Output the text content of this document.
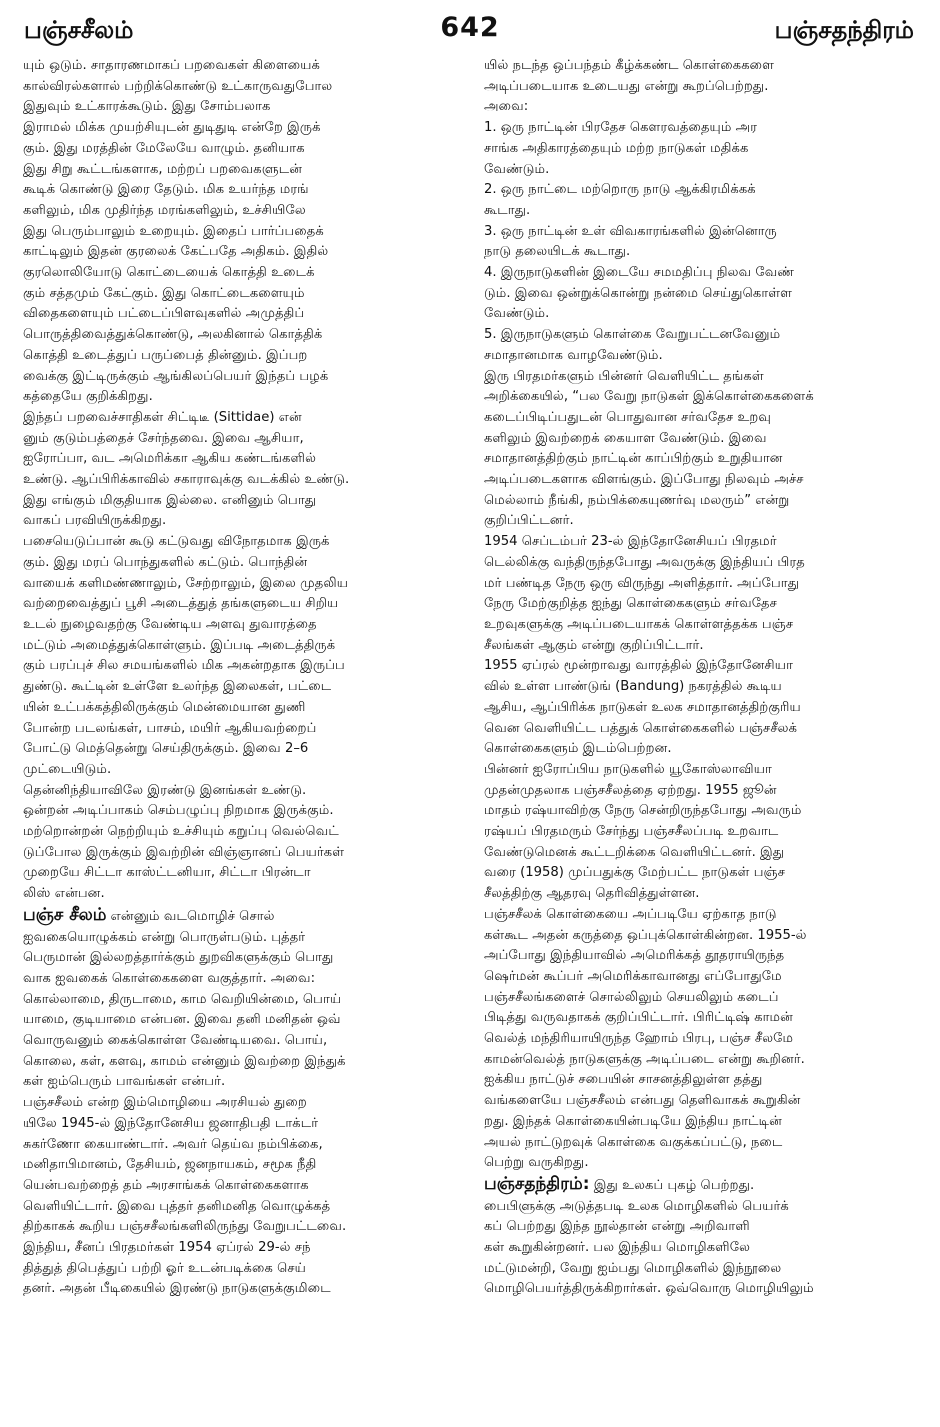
பஞ்சசீலம்	642	பஞ்சதந்திரம்
யும் ஒடும். சாதாரணமாகப் பறவைகள் கிளையைக்
கால்விரல்களால் பற்றிக்கொண்டு உட்காருவதுபோல
இதுவும் உட்காரக்கூடும். இது சோம்பலாக
இராமல் மிக்க முயற்சியுடன் துடிதுடி என்றே இருக்
கும். இது மரத்தின் மேலேயே வாழும். தனியாக
இது சிறு கூட்டங்களாக, மற்றப் பறவைகளுடன்
கூடிக் கொண்டு இரை தேடும். மிக உயர்ந்த மரங்
களிலும், மிக முதிர்ந்த மரங்களிலும், உச்சியிலே
இது பெரும்பாலும் உறையும். இதைப் பார்ப்பதைக்
காட்டிலும் இதன் குரலைக் கேட்பதே அதிகம். இதில்
குரலொலியோடு கொட்டையைக் கொத்தி உடைக்
கும் சத்தமும் கேட்கும். இது கொட்டைகளையும்
விதைகளையும் பட்டைப்பிளவுகளில் அமுத்திப்
பொருத்திவைத்துக்கொண்டு, அலகினால் கொத்திக்
கொத்தி உடைத்துப் பருப்பைத் தின்னும். இப்பற
வைக்கு இட்டிருக்கும் ஆங்கிலப்பெயர் இந்தப் பழக்
கத்தையே குறிக்கிறது.
இந்தப் பறவைச்சாதிகள் சிட்டிடீ (Sittidae) என்
னும் குடும்பத்தைச் சேர்ந்தவை. இவை ஆசியா,
ஐரோப்பா, வட அமெரிக்கா ஆகிய கண்டங்களில்
உண்டு. ஆப்பிரிக்காவில் சகாராவுக்கு வடக்கில் உண்டு.
இது எங்கும் மிகுதியாக இல்லை. எனினும் பொது
வாகப் பரவியிருக்கிறது.
பசையெடுப்பான் கூடு கட்டுவது விநோதமாக இருக்
கும். இது மரப் பொந்துகளில் கட்டும். பொந்தின்
வாயைக் களிமண்ணாலும், சேற்றாலும், இலை முதலிய
வற்றைவைத்துப் பூசி அடைத்துத் தங்களுடைய சிறிய
உடல் நுழைவதற்கு வேண்டிய அளவு துவாரத்தை
மட்டும் அமைத்துக்கொள்ளும். இப்படி அடைத்திருக்
கும் பரப்புச் சில சமயங்களில் மிக அகன்றதாக இருப்ப
துண்டு. கூட்டின் உள்ளே உலர்ந்த இலைகள், பட்டை
யின் உட்பக்கத்திலிருக்கும் மென்மையான துணி
போன்ற படலங்கள், பாசம், மயிர் ஆகியவற்றைப்
போட்டு மெத்தென்று செய்திருக்கும். இவை 2–6
முட்டையிடும்.
தென்னிந்தியாவிலே இரண்டு இனங்கள் உண்டு.
ஒன்றன் அடிப்பாகம் செம்பழுப்பு நிறமாக இருக்கும்.
மற்றொன்றன் நெற்றியும் உச்சியும் கறுப்பு வெல்வெட்
டுப்போல இருக்கும் இவற்றின் விஞ்ஞானப் பெயர்கள்
முறையே சிட்டா காஸ்ட்டனியா, சிட்டா பிரன்டா
லிஸ் என்பன.
பஞ்ச சீலம் என்னும் வடமொழிச் சொல்
ஐவகையொழுக்கம் என்று பொருள்படும். புத்தர்
பெருமான் இல்லறத்தார்க்கும் துறவிகளுக்கும் பொது
வாக ஐவகைக் கொள்கைகளை வகுத்தார். அவை:
கொல்லாமை, திருடாமை, காம வெறியின்மை, பொய்
யாமை, குடியாமை என்பன. இவை தனி மனிதன் ஒவ்
வொருவனும் கைக்கொள்ள வேண்டியவை. பொய்,
கொலை, கள், களவு, காமம் என்னும் இவற்றை இந்துக்
கள் ஐம்பெரும் பாவங்கள் என்பர்.
பஞ்சசீலம் என்ற இம்மொழியை அரசியல் துறை
யிலே 1945-ல் இந்தோனேசிய ஜனாதிபதி டாக்டர்
சுகர்ணோ கையாண்டார். அவர் தெய்வ நம்பிக்கை,
மனிதாபிமானம், தேசியம், ஜனநாயகம், சமூக நீதி
யென்பவற்றைத் தம் அரசாங்கக் கொள்கைகளாக
வெளியிட்டார். இவை புத்தர் தனிமனித வொழுக்கத்
திற்காகக் கூறிய பஞ்சசீலங்களிலிருந்து வேறுபட்டவை.
இந்திய, சீனப் பிரதமர்கள் 1954 ஏப்ரல் 29-ல் சந்
தித்துத் திபெத்துப் பற்றி ஓர் உடன்படிக்கை செய்
தனர். அதன் பீடிகையில் இரண்டு நாடுகளுக்குமிடை
யில் நடந்த ஒப்பந்தம் கீழ்க்கண்ட கொள்கைகளை
அடிப்படையாக உடையது என்று கூறப்பெற்றது.
அவை:
1. ஒரு நாட்டின் பிரதேச கௌரவத்தையும் அர
சாங்க அதிகாரத்தையும் மற்ற நாடுகள் மதிக்க
வேண்டும்.
2. ஒரு நாட்டை மற்றொரு நாடு ஆக்கிரமிக்கக்
கூடாது.
3. ஒரு நாட்டின் உள் விவகாரங்களில் இன்னொரு
நாடு தலையிடக் கூடாது.
4. இருநாடுகளின் இடையே சமமதிப்பு நிலவ வேண்
டும். இவை ஒன்றுக்கொன்று நன்மை செய்துகொள்ள
வேண்டும்.
5. இருநாடுகளும் கொள்கை வேறுபட்டனவேனும்
சமாதானமாக வாழவேண்டும்.
இரு பிரதமர்களும் பின்னர் வெளியிட்ட தங்கள்
அறிக்கையில், “பல வேறு நாடுகள் இக்கொள்கைகளைக்
கடைப்பிடிப்பதுடன் பொதுவான சர்வதேச உறவு
களிலும் இவற்றைக் கையாள வேண்டும். இவை
சமாதானத்திற்கும் நாட்டின் காப்பிற்கும் உறுதியான
அடிப்படைகளாக விளங்கும். இப்போது நிலவும் அச்ச
மெல்லாம் நீங்கி, நம்பிக்கையுணர்வு மலரும்” என்று
குறிப்பிட்டனர்.
1954 செப்டம்பர் 23-ல் இந்தோனேசியப் பிரதமர்
டெல்லிக்கு வந்திருந்தபோது அவருக்கு இந்தியப் பிரத
மர் பண்டித நேரு ஒரு விருந்து அளித்தார். அப்போது
நேரு மேற்குறித்த ஐந்து கொள்கைகளும் சர்வதேச
உறவுகளுக்கு அடிப்படையாகக் கொள்ளத்தக்க பஞ்ச
சீலங்கள் ஆகும் என்று குறிப்பிட்டார்.
1955 ஏப்ரல் மூன்றாவது வாரத்தில் இந்தோனேசியா
வில் உள்ள பாண்டுங் (Bandung) நகரத்தில் கூடிய
ஆசிய, ஆப்பிரிக்க நாடுகள் உலக சமாதானத்திற்குரிய
வென வெளியிட்ட பத்துக் கொள்கைகளில் பஞ்சசீலக்
கொள்கைகளும் இடம்பெற்றன.
பின்னர் ஐரோப்பிய நாடுகளில் யூகோஸ்லாவியா
முதன்முதலாக பஞ்சசீலத்தை ஏற்றது. 1955 ஜூன்
மாதம் ரஷ்யாவிற்கு நேரு சென்றிருந்தபோது அவரும்
ரஷ்யப் பிரதமரும் சேர்ந்து பஞ்சசீலப்படி உறவாட
வேண்டுமெனக் கூட்டறிக்கை வெளியிட்டனர். இது
வரை (1958) முப்பதுக்கு மேற்பட்ட நாடுகள் பஞ்ச
சீலத்திற்கு ஆதரவு தெரிவித்துள்ளன.
பஞ்சசீலக் கொள்கையை அப்படியே ஏற்காத நாடு
கள்கூட அதன் கருத்தை ஒப்புக்கொள்கின்றன. 1955-ல்
அப்போது இந்தியாவில் அமெரிக்கத் தூதராயிருந்த
ஷெர்மன் கூப்பர் அமெரிக்காவானது எப்போதுமே
பஞ்சசீலங்களைச் சொல்லிலும் செயலிலும் கடைப்
பிடித்து வருவதாகக் குறிப்பிட்டார். பிரிட்டிஷ் காமன்
வெல்த் மந்திரியாயிருந்த ஹோம் பிரபு, பஞ்ச சீலமே
காமன்வெல்த் நாடுகளுக்கு அடிப்படை என்று கூறினர்.
ஐக்கிய நாட்டுச் சபையின் சாசனத்திலுள்ள தத்து
வங்களையே பஞ்சசீலம் என்பது தெளிவாகக் கூறுகின்
றது. இந்தக் கொள்கையின்படியே இந்திய நாட்டின்
அயல் நாட்டுறவுக் கொள்கை வகுக்கப்பட்டு, நடை
பெற்று வருகிறது.
பஞ்சதந்திரம்: இது உலகப் புகழ் பெற்றது.
பைபிளுக்கு அடுத்தபடி உலக மொழிகளில் பெயர்க்
கப் பெற்றது இந்த நூல்தான் என்று அறிவாளி
கள் கூறுகின்றனர். பல இந்திய மொழிகளிலே
மட்டுமன்றி, வேறு ஐம்பது மொழிகளில் இந்நூலை
மொழிபெயர்த்திருக்கிறார்கள். ஒவ்வொரு மொழியிலும்
